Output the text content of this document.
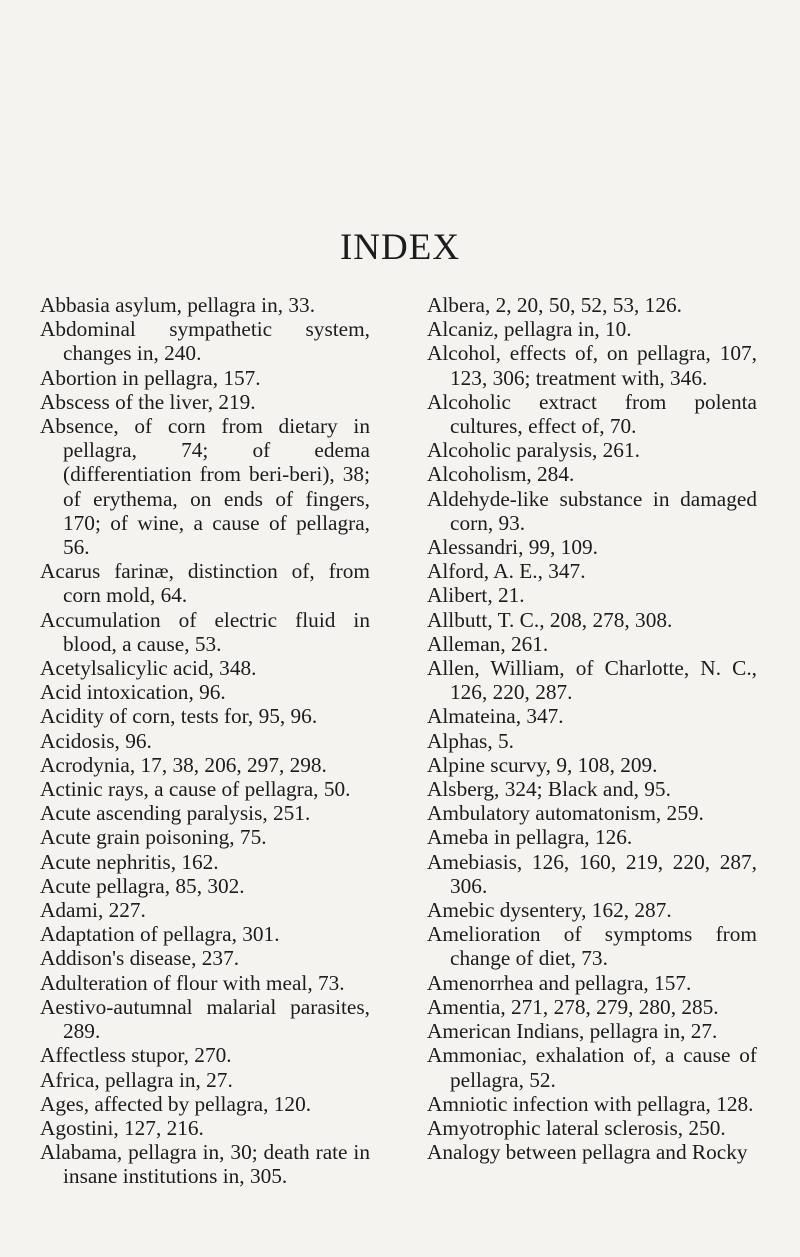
INDEX
Abbasia asylum, pellagra in, 33.
Abdominal sympathetic system, changes in, 240.
Abortion in pellagra, 157.
Abscess of the liver, 219.
Absence, of corn from dietary in pellagra, 74; of edema (differentiation from beri-beri), 38; of erythema, on ends of fingers, 170; of wine, a cause of pellagra, 56.
Acarus farinæ, distinction of, from corn mold, 64.
Accumulation of electric fluid in blood, a cause, 53.
Acetylsalicylic acid, 348.
Acid intoxication, 96.
Acidity of corn, tests for, 95, 96.
Acidosis, 96.
Acrodynia, 17, 38, 206, 297, 298.
Actinic rays, a cause of pellagra, 50.
Acute ascending paralysis, 251.
Acute grain poisoning, 75.
Acute nephritis, 162.
Acute pellagra, 85, 302.
Adami, 227.
Adaptation of pellagra, 301.
Addison's disease, 237.
Adulteration of flour with meal, 73.
Aestivo-autumnal malarial parasites, 289.
Affectless stupor, 270.
Africa, pellagra in, 27.
Ages, affected by pellagra, 120.
Agostini, 127, 216.
Alabama, pellagra in, 30; death rate in insane institutions in, 305.
Albera, 2, 20, 50, 52, 53, 126.
Alcaniz, pellagra in, 10.
Alcohol, effects of, on pellagra, 107, 123, 306; treatment with, 346.
Alcoholic extract from polenta cultures, effect of, 70.
Alcoholic paralysis, 261.
Alcoholism, 284.
Aldehyde-like substance in damaged corn, 93.
Alessandri, 99, 109.
Alford, A. E., 347.
Alibert, 21.
Allbutt, T. C., 208, 278, 308.
Alleman, 261.
Allen, William, of Charlotte, N. C., 126, 220, 287.
Almateina, 347.
Alphas, 5.
Alpine scurvy, 9, 108, 209.
Alsberg, 324; Black and, 95.
Ambulatory automatonism, 259.
Ameba in pellagra, 126.
Amebiasis, 126, 160, 219, 220, 287, 306.
Amebic dysentery, 162, 287.
Amelioration of symptoms from change of diet, 73.
Amenorrhea and pellagra, 157.
Amentia, 271, 278, 279, 280, 285.
American Indians, pellagra in, 27.
Ammoniac, exhalation of, a cause of pellagra, 52.
Amniotic infection with pellagra, 128.
Amyotrophic lateral sclerosis, 250.
Analogy between pellagra and Rocky
